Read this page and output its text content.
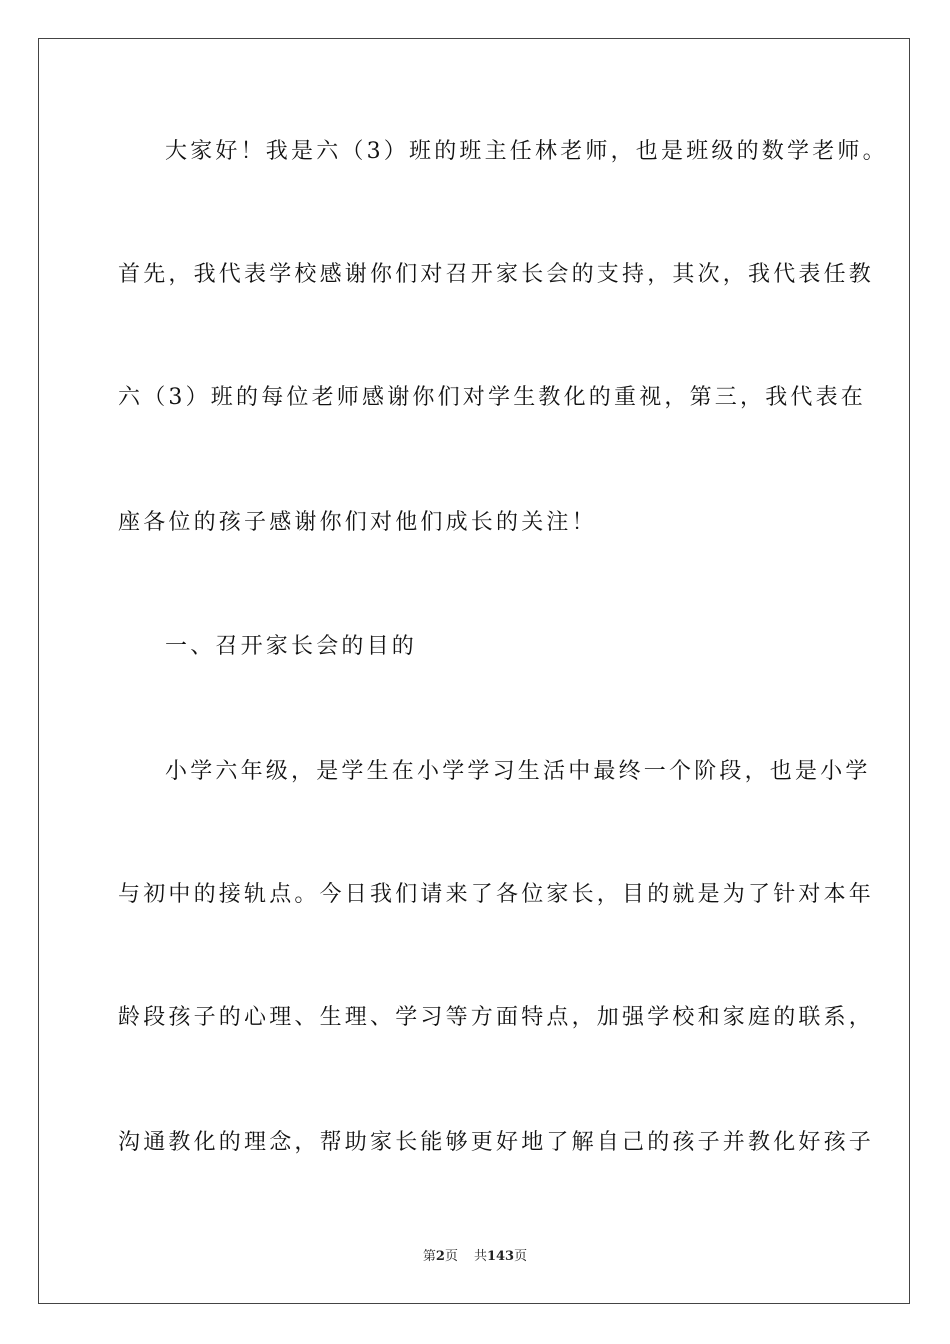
大家好！我是六（3）班的班主任林老师，也是班级的数学老师。
首先，我代表学校感谢你们对召开家长会的支持，其次，我代表任教
六（3）班的每位老师感谢你们对学生教化的重视，第三，我代表在
座各位的孩子感谢你们对他们成长的关注！
一、召开家长会的目的
小学六年级，是学生在小学学习生活中最终一个阶段，也是小学
与初中的接轨点。今日我们请来了各位家长，目的就是为了针对本年
龄段孩子的心理、生理、学习等方面特点，加强学校和家庭的联系，
沟通教化的理念，帮助家长能够更好地了解自己的孩子并教化好孩子
第2页 共143页
